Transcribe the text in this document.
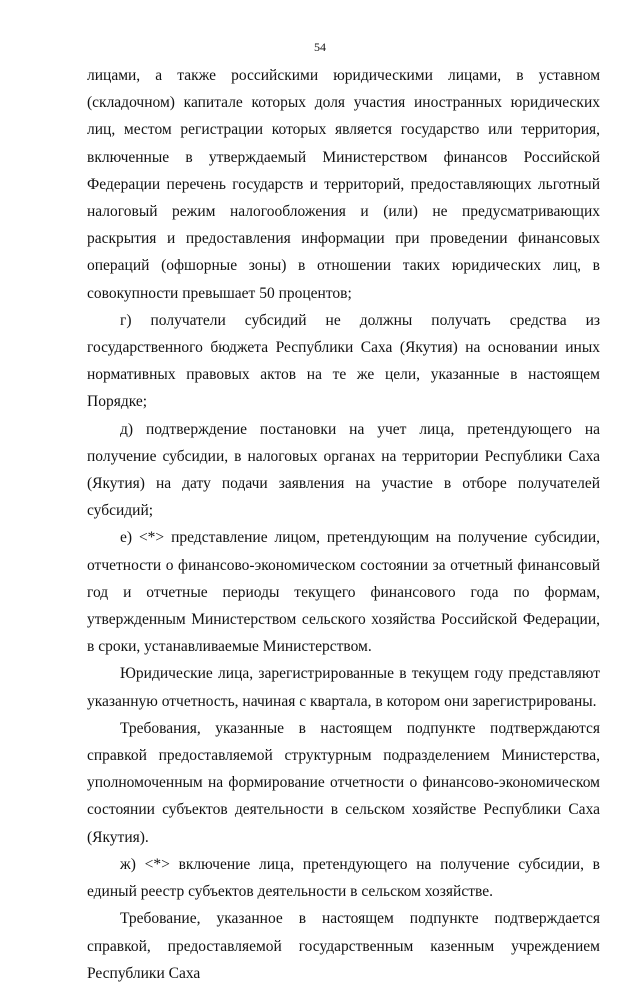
54

лицами, а также российскими юридическими лицами, в уставном (складочном) капитале которых доля участия иностранных юридических лиц, местом регистрации которых является государство или территория, включенные в утверждаемый Министерством финансов Российской Федерации перечень государств и территорий, предоставляющих льготный налоговый режим налогообложения и (или) не предусматривающих раскрытия и предоставления информации при проведении финансовых операций (офшорные зоны) в отношении таких юридических лиц, в совокупности превышает 50 процентов;

г) получатели субсидий не должны получать средства из государственного бюджета Республики Саха (Якутия) на основании иных нормативных правовых актов на те же цели, указанные в настоящем Порядке;

д) подтверждение постановки на учет лица, претендующего на получение субсидии, в налоговых органах на территории Республики Саха (Якутия) на дату подачи заявления на участие в отборе получателей субсидий;

е) <*> представление лицом, претендующим на получение субсидии, отчетности о финансово-экономическом состоянии за отчетный финансовый год и отчетные периоды текущего финансового года по формам, утвержденным Министерством сельского хозяйства Российской Федерации, в сроки, устанавливаемые Министерством.

Юридические лица, зарегистрированные в текущем году представляют указанную отчетность, начиная с квартала, в котором они зарегистрированы.

Требования, указанные в настоящем подпункте подтверждаются справкой предоставляемой структурным подразделением Министерства, уполномоченным на формирование отчетности о финансово-экономическом состоянии субъектов деятельности в сельском хозяйстве Республики Саха (Якутия).

ж) <*> включение лица, претендующего на получение субсидии, в единый реестр субъектов деятельности в сельском хозяйстве.

Требование, указанное в настоящем подпункте подтверждается справкой, предоставляемой государственным казенным учреждением Республики Саха
